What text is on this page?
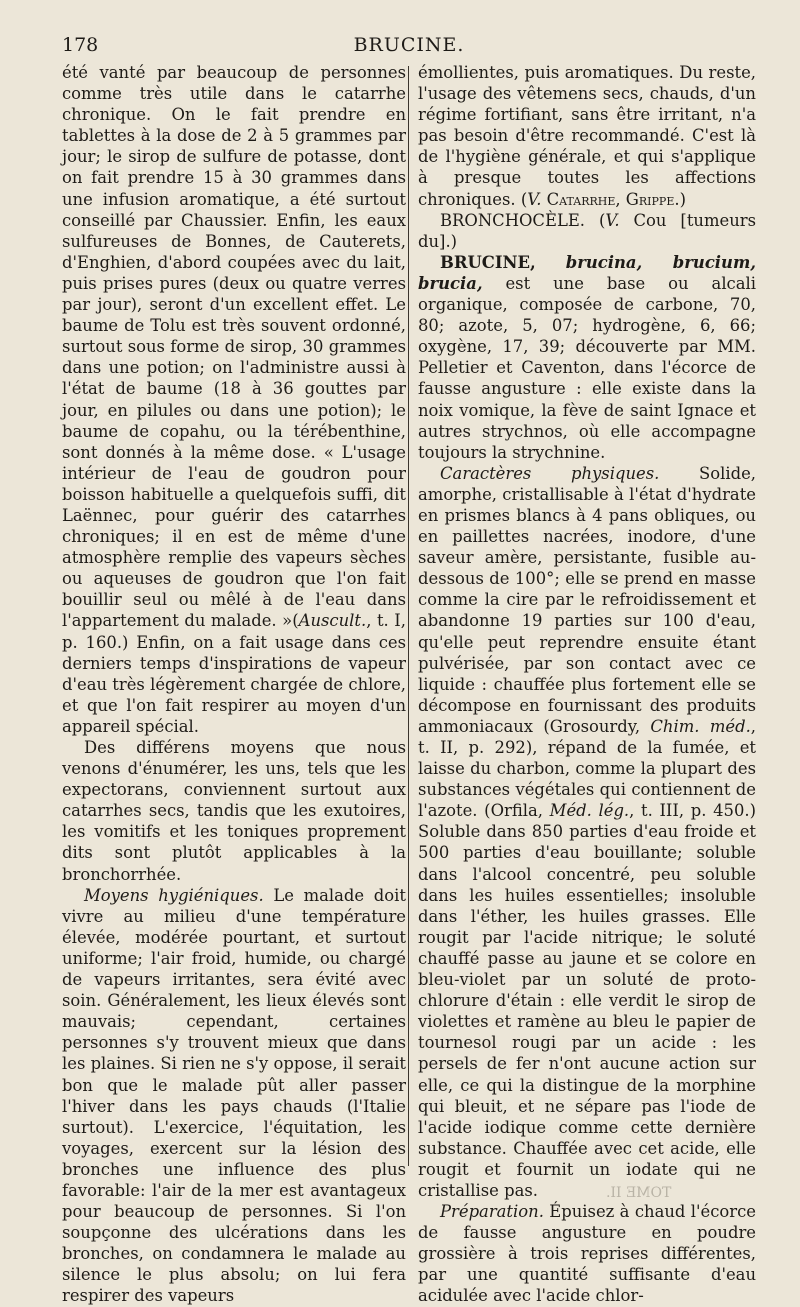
178	BRUCINE.

été vanté par beaucoup de personnes comme très utile dans le catarrhe chronique. On le fait prendre en tablettes à la dose de 2 à 5 grammes par jour; le sirop de sulfure de potasse, dont on fait prendre 15 à 30 grammes dans une infusion aromatique, a été surtout conseillé par Chaussier. Enfin, les eaux sulfureuses de Bonnes, de Cauterets, d'Enghien, d'abord coupées avec du lait, puis prises pures (deux ou quatre verres par jour), seront d'un excellent effet. Le baume de Tolu est très souvent ordonné, surtout sous forme de sirop, 30 grammes dans une potion; on l'administre aussi à l'état de baume (18 à 36 gouttes par jour, en pilules ou dans une potion); le baume de copahu, ou la térébenthine, sont donnés à la même dose. « L'usage intérieur de l'eau de goudron pour boisson habituelle a quelquefois suffi, dit Laënnec, pour guérir des catarrhes chroniques; il en est de même d'une atmosphère remplie des vapeurs sèches ou aqueuses de goudron que l'on fait bouillir seul ou mêlé à de l'eau dans l'appartement du malade. »(Auscult., t. I, p. 160.) Enfin, on a fait usage dans ces derniers temps d'inspirations de vapeur d'eau très légèrement chargée de chlore, et que l'on fait respirer au moyen d'un appareil spécial.

Des différens moyens que nous venons d'énumérer, les uns, tels que les expectorans, conviennent surtout aux catarrhes secs, tandis que les exutoires, les vomitifs et les toniques proprement dits sont plutôt applicables à la bronchorrhée.

Moyens hygiéniques. Le malade doit vivre au milieu d'une température élevée, modérée pourtant, et surtout uniforme; l'air froid, humide, ou chargé de vapeurs irritantes, sera évité avec soin. Généralement, les lieux élevés sont mauvais; cependant, certaines personnes s'y trouvent mieux que dans les plaines. Si rien ne s'y oppose, il serait bon que le malade pût aller passer l'hiver dans les pays chauds (l'Italie surtout). L'exercice, l'équitation, les voyages, exercent sur la lésion des bronches une influence des plus favorable: l'air de la mer est avantageux pour beaucoup de personnes. Si l'on soupçonne des ulcérations dans les bronches, on condamnera le malade au silence le plus absolu; on lui fera respirer des vapeurs

émollientes, puis aromatiques. Du reste, l'usage des vêtemens secs, chauds, d'un régime fortifiant, sans être irritant, n'a pas besoin d'être recommandé. C'est là de l'hygiène générale, et qui s'applique à presque toutes les affections chroniques. (V. Catarrhe, Grippe.)

BRONCHOCÈLE. (V. Cou [tumeurs du].)

BRUCINE, brucina, brucium, brucia, est une base ou alcali organique, composée de carbone, 70, 80; azote, 5, 07; hydrogène, 6, 66; oxygène, 17, 39; découverte par MM. Pelletier et Caventon, dans l'écorce de fausse angusture : elle existe dans la noix vomique, la fève de saint Ignace et autres strychnos, où elle accompagne toujours la strychnine.

Caractères physiques. Solide, amorphe, cristallisable à l'état d'hydrate en prismes blancs à 4 pans obliques, ou en paillettes nacrées, inodore, d'une saveur amère, persistante, fusible au-dessous de 100°; elle se prend en masse comme la cire par le refroidissement et abandonne 19 parties sur 100 d'eau, qu'elle peut reprendre ensuite étant pulvérisée, par son contact avec ce liquide : chauffée plus fortement elle se décompose en fournissant des produits ammoniacaux (Grosourdy, Chim. méd., t. II, p. 292), répand de la fumée, et laisse du charbon, comme la plupart des substances végétales qui contiennent de l'azote. (Orfila, Méd. lég., t. III, p. 450.) Soluble dans 850 parties d'eau froide et 500 parties d'eau bouillante; soluble dans l'alcool concentré, peu soluble dans les huiles essentielles; insoluble dans l'éther, les huiles grasses. Elle rougit par l'acide nitrique; le soluté chauffé passe au jaune et se colore en bleu-violet par un soluté de proto-chlorure d'étain : elle verdit le sirop de violettes et ramène au bleu le papier de tournesol rougi par un acide : les persels de fer n'ont aucune action sur elle, ce qui la distingue de la morphine qui bleuit, et ne sépare pas l'iode de l'acide iodique comme cette dernière substance. Chauffée avec cet acide, elle rougit et fournit un iodate qui ne cristallise pas.

Préparation. Épuisez à chaud l'écorce de fausse angusture en poudre grossière à trois reprises différentes, par une quantité suffisante d'eau acidulée avec l'acide chlor-

TOME II.
